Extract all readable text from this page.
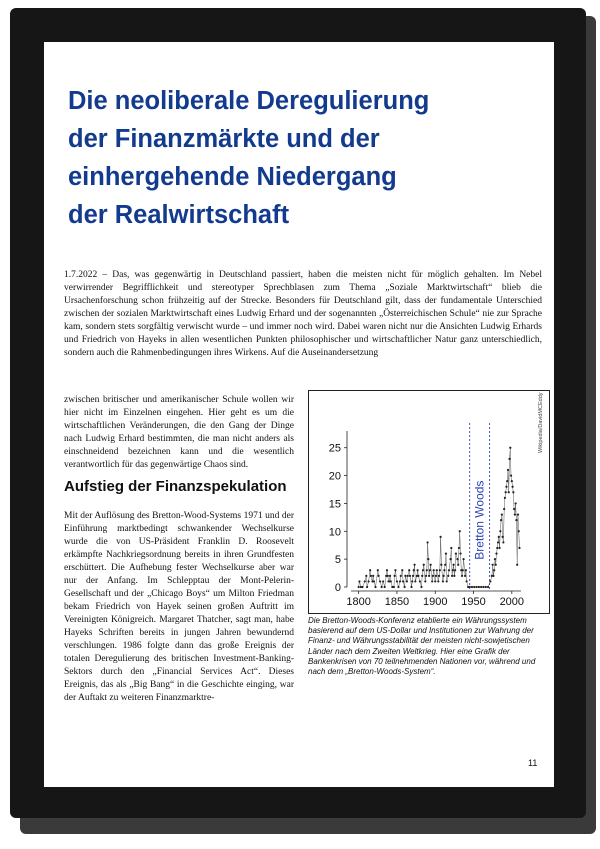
Die neoliberale Deregulierung
der Finanzmärkte und der
einhergehende Niedergang
der Realwirtschaft

1.7.2022 – Das, was gegenwärtig in Deutschland passiert, haben die meisten nicht für möglich gehalten. Im Nebel verwirrender Begrifflichkeit und stereotyper Sprechblasen zum Thema „Soziale Marktwirtschaft“ blieb die Ursachenforschung schon frühzeitig auf der Strecke. Besonders für Deutschland gilt, dass der fundamentale Unterschied zwischen der sozialen Marktwirtschaft eines Ludwig Erhard und der sogenannten „Österreichischen Schule“ nie zur Sprache kam, sondern stets sorgfältig verwischt wurde – und immer noch wird. Dabei waren nicht nur die Ansichten Ludwig Erhards und Friedrich von Hayeks in allen wesentlichen Punkten philosophischer und wirtschaftlicher Natur ganz unterschiedlich, sondern auch die Rahmenbedingungen ihres Wirkens. Auf die Auseinandersetzung

zwischen britischer und amerikanischer Schule wollen wir hier nicht im Einzelnen eingehen. Hier geht es um die wirtschaftlichen Veränderungen, die den Gang der Dinge nach Ludwig Erhard bestimmten, die man nicht anders als einschneidend bezeichnen kann und die wesentlich verantwortlich für das gegenwärtige Chaos sind.

Aufstieg der Finanzspekulation

Mit der Auflösung des Bretton-Wood-Systems 1971 und der Einführung marktbedingt schwankender Wechselkurse wurde die von US-Präsident Franklin D. Roosevelt erkämpfte Nachkriegsordnung bereits in ihren Grundfesten erschüttert. Die Aufhebung fester Wechselkurse aber war nur der Anfang. Im Schlepptau der Mont-Pelerin-Gesellschaft und der „Chicago Boys“ um Milton Friedman bekam Friedrich von Hayek seinen großen Auftritt im Vereinigten Königreich. Margaret Thatcher, sagt man, habe Hayeks Schriften bereits in jungen Jahren bewundernd verschlungen. 1986 folgte dann das große Ereignis der totalen Deregulierung des britischen Investment-Banking-Sektors durch den „Financial Services Act“. Dieses Ereignis, das als „Big Bang“ in die Geschichte einging, war der Auftakt zu weiteren Finanzmarktre-

0
5
10
15
20
25
1800 1850 1900 1950 2000
Bretton Woods
Wikipedia/DavidMCEddy

Die Bretton-Woods-Konferenz etablierte ein Währungssystem basierend auf dem US-Dollar und Institutionen zur Wahrung der Finanz- und Währungsstabilität der meisten nicht-sowjetischen Länder nach dem Zweiten Weltkrieg. Hier eine Grafik der Bankenkrisen von 70 teilnehmenden Nationen vor, während und nach dem „Bretton-Woods-System“.

11
